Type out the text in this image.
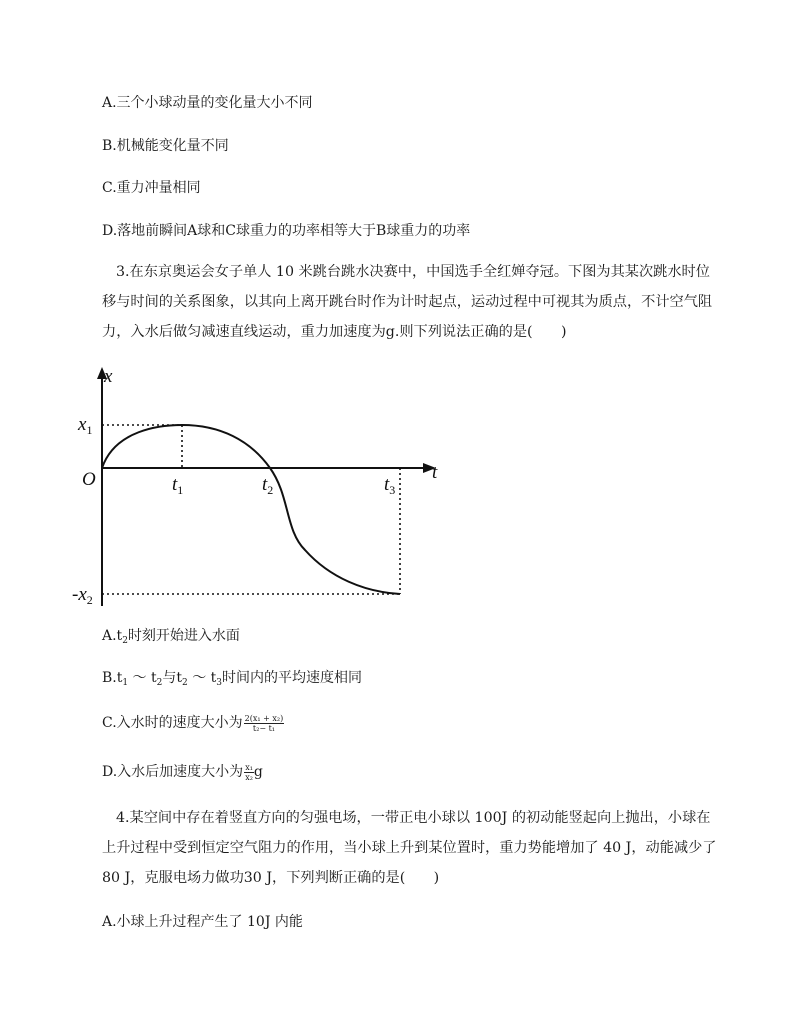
A.三个小球动量的变化量大小不同
B.机械能变化量不同
C.重力冲量相同
D.落地前瞬间A球和C球重力的功率相等大于B球重力的功率
3.在东京奥运会女子单人 10 米跳台跳水决赛中，中国选手全红婵夺冠。下图为其某次跳水时位移与时间的关系图象，以其向上离开跳台时作为计时起点，运动过程中可视其为质点，不计空气阻力，入水后做匀减速直线运动，重力加速度为g.则下列说法正确的是(　　)
x
t
O
$x_1$
$-x_2$
$t_1$	$t_2$	$t_3$
$A.t_2$时刻开始进入水面
$B.t_1$ ～ $t_2$与$t_2$ ～ $t_3$时间内的平均速度相同
C.入水时的速度大小为 $\frac{\text{2(x₁ + x₂)}}{\text{t₂− t₁}}$
D.入水后加速度大小为 $\frac{\text{x₁}}{\text{x₂}}$ g
4.某空间中存在着竖直方向的匀强电场，一带正电小球以 100J 的初动能竖起向上抛出，小球在上升过程中受到恒定空气阻力的作用，当小球上升到某位置时，重力势能增加了 40 J，动能减少了80 J，克服电场力做功30 J，下列判断正确的是(　　)
A.小球上升过程产生了 10J 内能
